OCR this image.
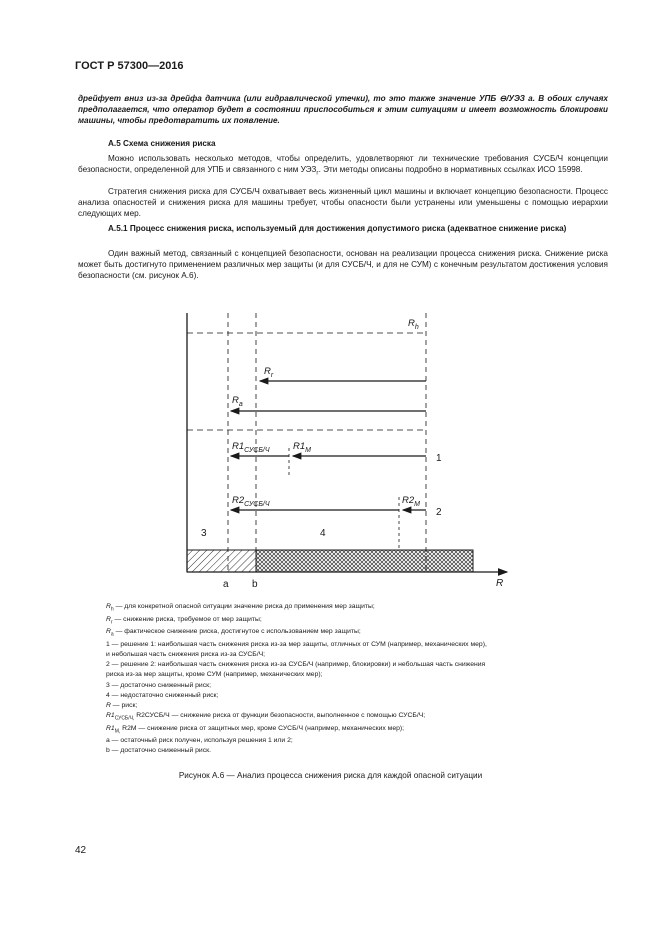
ГОСТ Р 57300—2016
дрейфует вниз из-за дрейфа датчика (или гидравлической утечки), то это также значение УПБ ⊖/УЭЗ а. В обоих случаях предполагается, что оператор будет в состоянии приспособиться к этим ситуациям и имеет возможность блокировки машины, чтобы предотвратить их появление.
А.5 Схема снижения риска
Можно использовать несколько методов, чтобы определить, удовлетворяют ли технические требования СУСБ/Ч концепции безопасности, определенной для УПБ и связанного с ним $УЭЗ_г$. Эти методы описаны подробно в нормативных ссылках ИСО 15998.
Стратегия снижения риска для СУСБ/Ч охватывает весь жизненный цикл машины и включает концепцию безопасности. Процесс анализа опасностей и снижения риска для машины требует, чтобы опасности были устранены или уменьшены с помощью иерархии следующих мер.
А.5.1 Процесс снижения риска, используемый для достижения допустимого риска (адекватное снижение риска)
Один важный метод, связанный с концепцией безопасности, основан на реализации процесса снижения риска. Снижение риска может быть достигнуто применением различных мер защиты (и для СУСБ/Ч, и для не СУМ) с конечным результатом достижения условия безопасности (см. рисунок А.6).
$R_h$
$R_r$
$R_a$
$R1_{СУСБ/Ч}$ $R1_M$
$R2_{СУСБ/Ч}$	$R2_M$
1
2
3	4
a b	R
$R_h$ — для конкретной опасной ситуации значение риска до применения мер защиты;
$R_r$ — снижение риска, требуемое от мер защиты;
$R_a$ — фактическое снижение риска, достигнутое с использованием мер защиты;
1 — решение 1: наибольшая часть снижения риска из-за мер защиты, отличных от СУМ (например, механических мер),
и небольшая часть снижения риска из-за СУСБ/Ч;
2 — решение 2: наибольшая часть снижения риска из-за СУСБ/Ч (например, блокировки) и небольшая часть снижения
риска из-за мер защиты, кроме СУМ (например, механических мер);
3 — достаточно сниженный риск;
4 — недостаточно сниженный риск;
R — риск;
$R1_{СУСБ/Ч,}$ R2СУСБ/Ч — снижение риска от функции безопасности, выполненное с помощью СУСБ/Ч;
$R1_{M,}$ R2M — снижение риска от защитных мер, кроме СУСБ/Ч (например, механических мер);
а — остаточный риск получен, используя решения 1 или 2;
b — достаточно сниженный риск.
Рисунок А.6 — Анализ процесса снижения риска для каждой опасной ситуации
42
